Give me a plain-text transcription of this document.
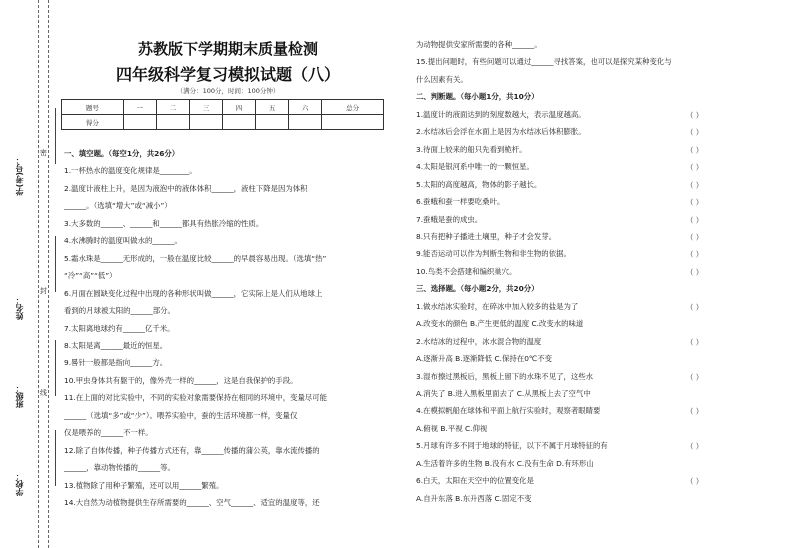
密
封
线
学(考)号：
姓名：
班级：
学校：
苏教版下学期期末质量检测
四年级科学复习模拟试题（八）
（满分：100分，时间：100分钟）
题号	一	二	三	四	五	六	总分
得分							
一、填空题。（每空1分，共26分）
1.一杯热水的温度变化规律是________。
2.温度计液柱上升，是因为液泡中的液体体积______，液柱下降是因为体积
______。（选填“增大”或“减小”）
3.大多数的______、______和______都具有热胀冷缩的性质。
4.水沸腾时的温度叫做水的______。
5.霜水珠是______无形成的，一般在温度比较______的早晨容易出现。（选填“热”
“冷”“高”“低”）
6.月面在圆缺变化过程中出现的各种形状叫做______，它实际上是人们从地球上
看到的月球被太阳的______部分。
7.太阳离地球约有______亿千米。
8.太阳是离______最近的恒星。
9.晷针一般都是指向______方。
10.甲虫身体共有躯干的，像外壳一样的______，这是自我保护的手段。
11.在上面的对比实验中，不同的实验对象需要保持在相同的环境中，变量尽可能
______（选填“多”或“少”）。喂养实验中，蚕的生活环境都一样，变量仅
仅是喂养的______不一样。
12.除了自体传播，种子传播方式还有，靠______传播的蒲公英，靠水流传播的
______，靠动物传播的______等。
13.植物除了用种子繁殖，还可以用______繁殖。
14.大自然为动植物提供生存所需要的______、空气______、适宜的温度等，还
为动物提供安家所需要的各种______。
15.提出问题时，有些问题可以通过______寻找答案，也可以是探究某种变化与
什么因素有关。
二、判断题。（每小题1分，共10分）
1.温度计的液面达到的刻度数越大，表示温度越高。	（ ）
2.水结冰后会浮在水面上是因为水结冰后体积膨胀。	（ ）
3.待面上较来的船只先看到桅杆。	（ ）
4.太阳是银河系中唯一的一颗恒星。	（ ）
5.太阳的高度越高，物体的影子越长。	（ ）
6.蚕蛾和蚕一样要吃桑叶。	（ ）
7.蚕蛾是蚕的成虫。	（ ）
8.只有把种子播进土壤里，种子才会发芽。	（ ）
9.能否运动可以作为判断生物和非生物的依据。	（ ）
10.鸟类不会搭建和编织巢穴。	（ ）
三、选择题。（每小题2分，共20分）
1.做水结冰实验时，在碎冰中加入较多的盐是为了	（ ）
A.改变水的颜色 B.产生更低的温度 C.改变水的味道
2.水结冰的过程中，冰水混合物的温度	（ ）
A.逐渐升高 B.逐渐降低 C.保持在0℃不变
3.湿布擦过黑板后，黑板上留下的水珠不见了，这些水	（ ）
A.消失了 B.进入黑板里面去了 C.从黑板上去了空气中
4.在模拟帆船在球体和平面上航行实验时，观察者眼睛要	（ ）
A.俯视 B.平视 C.仰视
5.月球有许多不同于地球的特征，以下不属于月球特征的有	（ ）
A.生活着许多的生物 B.没有水 C.没有生命 D.有环形山
6.白天，太阳在天空中的位置变化是	（ ）
A.自升东落 B.东升西落 C.固定不变
